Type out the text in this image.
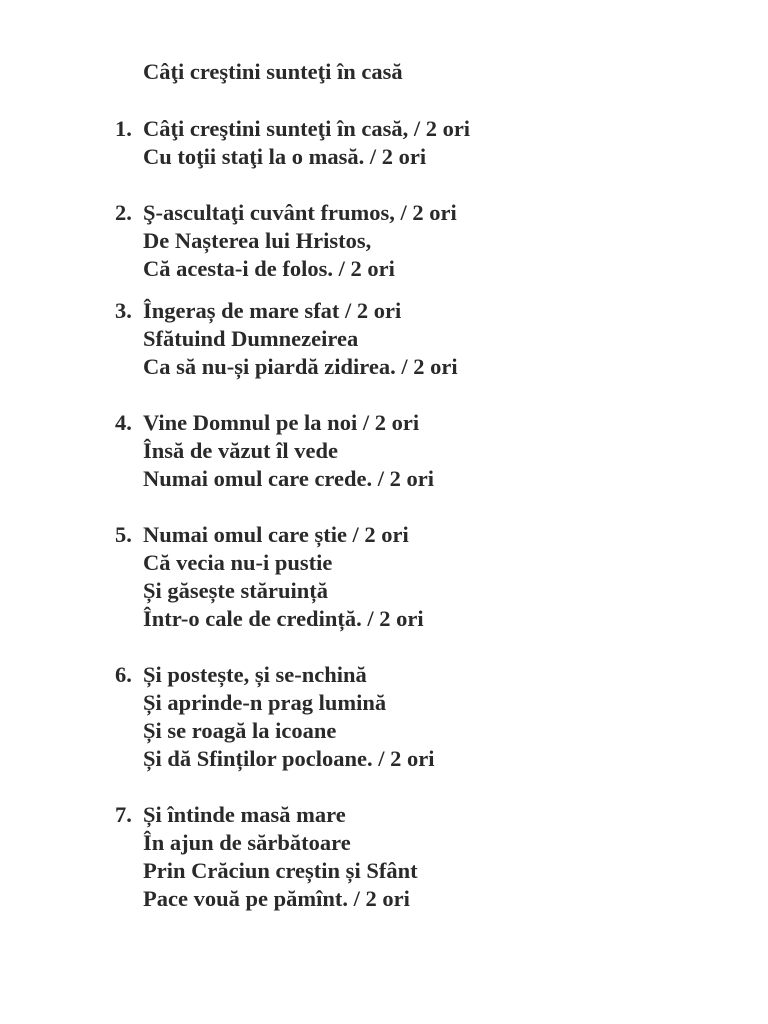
Câţi creştini sunteţi în casă
1. Câţi creştini sunteţi în casă, / 2 ori
Cu toţii staţi la o masă. / 2 ori
2. Ş-ascultaţi cuvânt frumos, / 2 ori
De Nașterea lui Hristos,
Că acesta-i de folos. / 2 ori
3. Îngeraș de mare sfat / 2 ori
Sfătuind Dumnezeirea
Ca să nu-și piardă zidirea. / 2 ori
4. Vine Domnul pe la noi / 2 ori
Însă de văzut îl vede
Numai omul care crede. / 2 ori
5. Numai omul care știe / 2 ori
Că vecia nu-i pustie
Și găsește stăruință
Într-o cale de credință. / 2 ori
6. Și postește, și se-nchină
Și aprinde-n prag lumină
Și se roagă la icoane
Și dă Sfinților pocloane. / 2 ori
7. Și întinde masă mare
În ajun de sărbătoare
Prin Crăciun creștin și Sfânt
Pace vouă pe pămînt. / 2 ori
